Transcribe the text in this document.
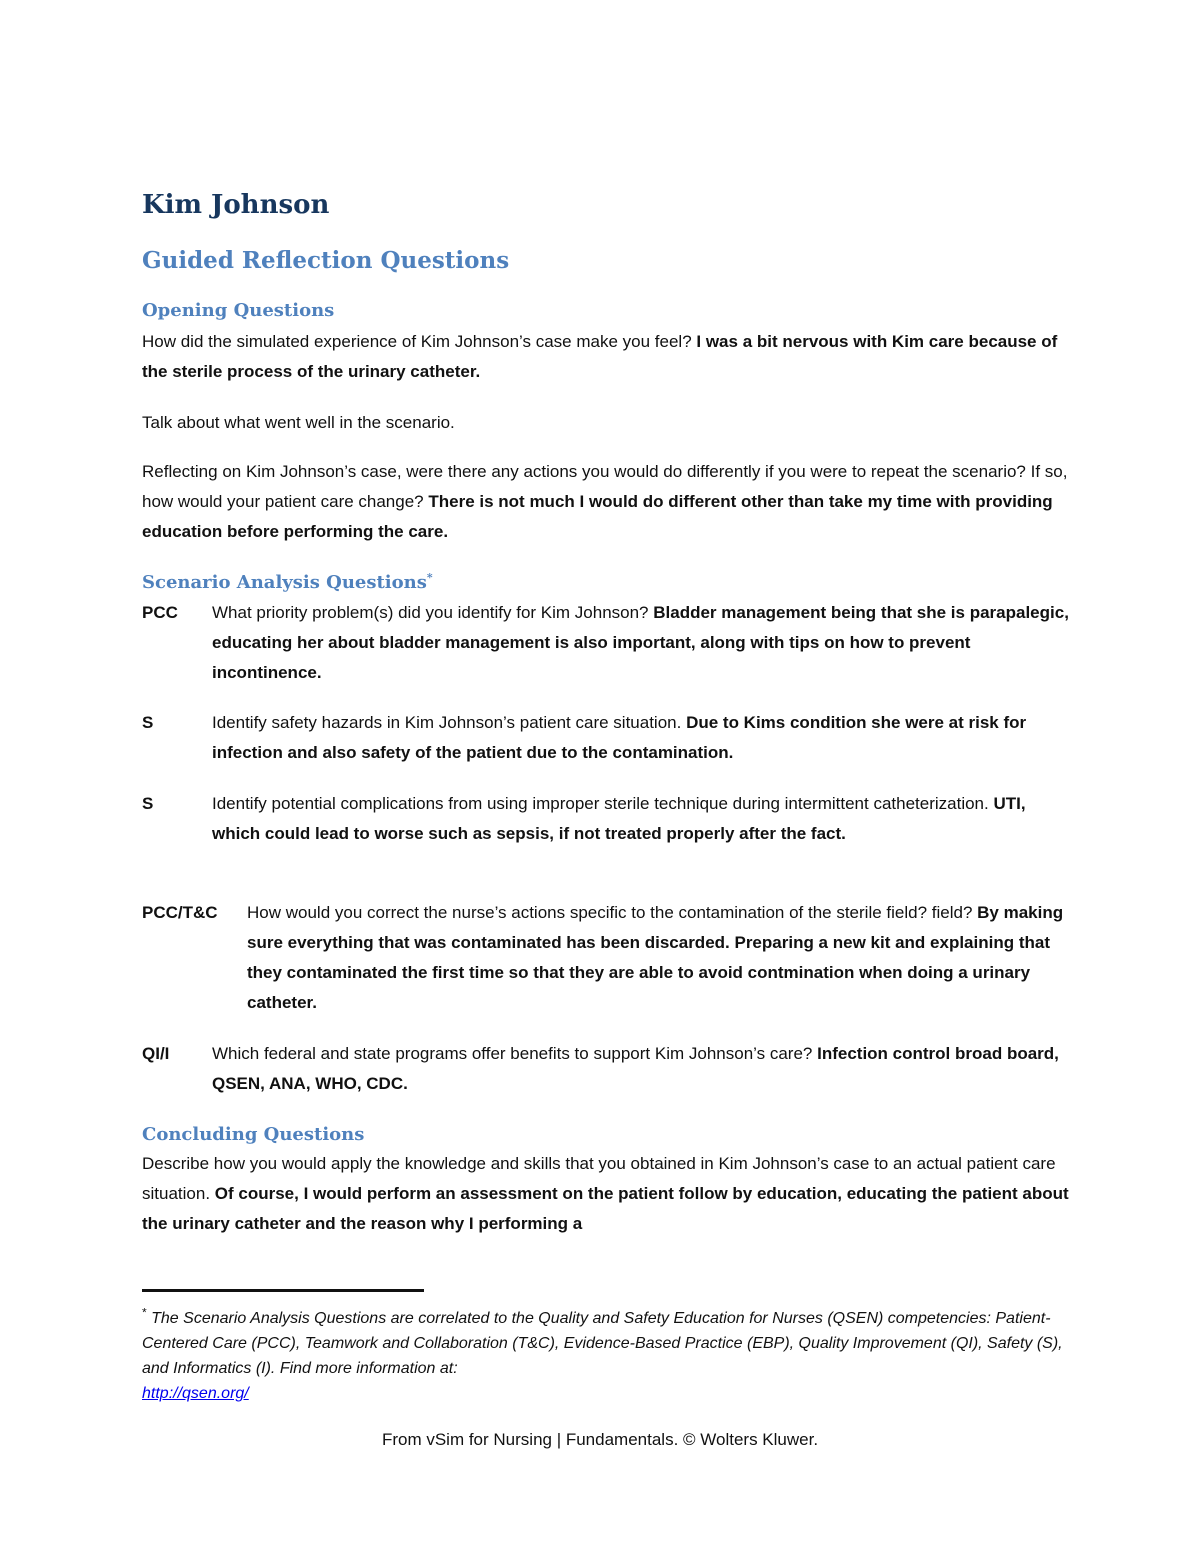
Kim Johnson
Guided Reflection Questions
Opening Questions
How did the simulated experience of Kim Johnson’s case make you feel? I was a bit nervous with Kim care because of the sterile process of the urinary catheter.
Talk about what went well in the scenario.
Reflecting on Kim Johnson’s case, were there any actions you would do differently if you were to repeat the scenario? If so, how would your patient care change? There is not much I would do different other than take my time with providing education before performing the care.
Scenario Analysis Questions*
PCC What priority problem(s) did you identify for Kim Johnson? Bladder management being that she is parapalegic, educating her about bladder management is also important, along with tips on how to prevent incontinence.
S	Identify safety hazards in Kim Johnson’s patient care situation. Due to Kims condition she were at risk for infection and also safety of the patient due to the contamination.
S	Identify potential complications from using improper sterile technique during intermittent catheterization. UTI, which could lead to worse such as sepsis, if not treated properly after the fact.
PCC/T&C How would you correct the nurse’s actions specific to the contamination of the sterile field? field? By making sure everything that was contaminated has been discarded. Preparing a new kit and explaining that they contaminated the first time so that they are able to avoid contmination when doing a urinary catheter.
QI/I	Which federal and state programs offer benefits to support Kim Johnson’s care? Infection control broad board, QSEN, ANA, WHO, CDC.
Concluding Questions
Describe how you would apply the knowledge and skills that you obtained in Kim Johnson’s case to an actual patient care situation. Of course, I would perform an assessment on the patient follow by education, educating the patient about the urinary catheter and the reason why I performing a
* The Scenario Analysis Questions are correlated to the Quality and Safety Education for Nurses (QSEN) competencies: Patient-Centered Care (PCC), Teamwork and Collaboration (T&C), Evidence-Based Practice (EBP), Quality Improvement (QI), Safety (S), and Informatics (I). Find more information at:
http://qsen.org/
From vSim for Nursing | Fundamentals. © Wolters Kluwer.
